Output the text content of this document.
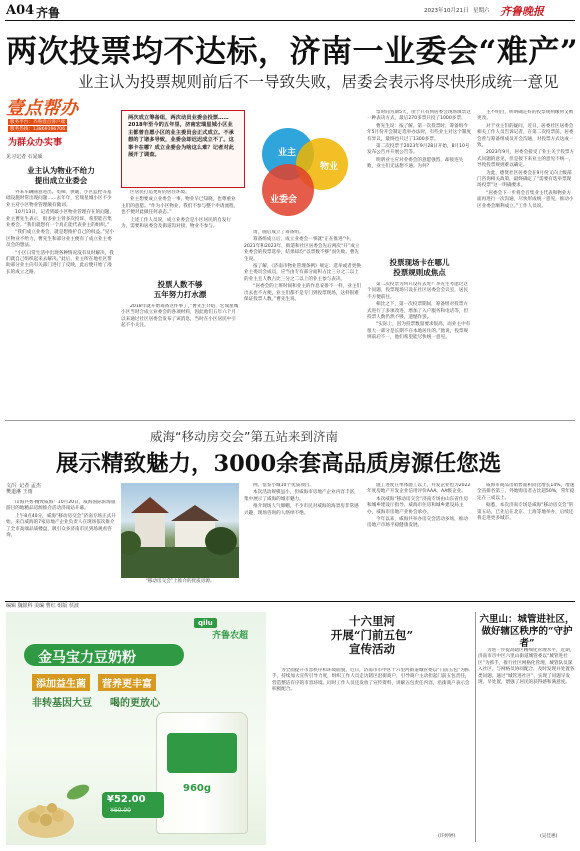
A04 齐鲁	2023年10月21日 星期六 齐鲁晚报
两次投票均不达标，济南一业委会“难产”
业主认为投票规则前后不一导致失败，居委会表示将尽快形成统一意见
壹点帮办
服务平台：齐鲁壹点客户端
服务热线：13869196706
为群众办实事
见习记者 石晁硕
两次成立筹备组，两次动员业委会投票……2018年至今的五年里，济南宏瑞星城小区业主都曾自愿小区的业主委员会正式成立。不承想的了诸多导致，业委会却迟迟成立不了。这事卡在哪？成立业委会为啥这么难？记者对此展开了调查。	业主
物业
业委会
业主认为物业不给力
提出成立业委会

外来车辆随意进出、电梯、供暖、小区监控等基础设施时常出现问题……去年年，宏瑞星城小区不少业主对小区物业管理颇有微词。

10月13日，记者到敲小区物业管理存在的问题，业主曹先生表示，很多业主曾多次投诉、希望能召集业委会。“我们就想有一个真正能代表业主的组织。”

“我们成立业委会，就是想推护自己的权益。”见小区物业不给力，曹先生和部分业主便有了成立业主委员会的想法。

“小区日常生活中出现各种情况没有及时解决，我们就自己组织起来去解决。”此后，业主所在地社区帮助部分业主向有关部门进行了反映，此后便开始了漫长的成立之路。

区居民打造更好的居住环境。

业主想要成立业委会一事，物业早已知晓。也尊重业主们的意愿。“作为小区物业，我们不参与整个申请流程，也不便对此做任何表态。”

上述工作人员说，成立业委会是小区居民的自发行为，需要和居委会及街道沟对接，物业不参与。

投票人数不够
五年努力打水漂

2018年就开始筹备这件事了，”曹先生介绍，宏瑞星城小区当时合成立业委会的各项材料，因此他们五年六个月以来通过社区居委会发布了该消息，当时在小区居民中引起不小关注。

请，随后成立了筹备组。

筹备组成立后，成立业委会一事就“正在推进”中。2021年和2023年，街道和社区居委会先后两次“开”成立业委会的投票选举，结果却均“以票数不够”而失败。曹先生说。

按了解，《济南市物业管理条例》规定：选举或者更换业主委员会成员，应当由专有部分面积占比三分之二以上的业主且人数占比三分之二以上的业主参与表决。

“居委会的上班时间和业主的作息安排不一样，业主们出去也不方便，业主们都不是专门到投票现场，这样很难保证投票人数。”曹先生说。

票时间为期5天，由于只有到居委会现场填票这一种表决方式，最后270多票只投了1000多票。

曹先生说：按了解，第一次投票时，筹备组今年5月份开会制定选举办法时，有些业主对这个制度有异议，最终也只过了1300多票。

第二次投票于2023年9月28日开始，8月10号发布公告并开展公告等。

明明业主应对业委会的意愿强烈，却接连失败，业主们无法想不通。为何？

投票现场卡在哪儿
投票规则成焦点

第二次投票为何只设有去处？李先生考虑过这个问题，投票现场只设在社区居委会会议室，居民不方便前往。

相比之下，第一次投票期间，筹备组对投票方式进行了多项改进，增加了入户服务和电话等，但投票人数仍然不够，遗憾作罢。

“实际上，因为投票数量要求很高，而业主中有很大一部分是长期不在本地居住的。”他说，投票规则前后不一，他们希望能尽快统一意见。

主不明白，明明确定好的投票规则缘何又被更改。

对于业主们的疑问，近日，居委社区居委会相关工作人员告诉记者，在第二次投票前，居委会曾与筹备组成员开会沟通，对投票方式达成一致。

2023年9月，居委会接受了业主关于投票方式问题的意见，但是接下来业主的意见不统一，导致投票规则难以确定。

为此，德贤社区居委会在9月份又向上级部门咨询相关政策，最终确定了“需要有选举票现场投票”这一明确要求。

“居委会下一步将会召集业主代表和物业方面再进行一次沟通，尽快形成统一意见，推动小区业委会顺利成立。”工作人员说。

威海“移动房交会”第五站来到济南
展示精致魅力，3000余套高品质房源任您选
文/片 记者 孟杰
樊道淋 王雨
“移动房交会”上推介的优质房源。

山海共秀·精致威海！10月20日，威海国际滨海旅游目的地精品房源推介活动济南站开幕。

上午8点40分，威海“移动房交会”济南专场正式开始。来自威海的7家房地产企业负责人在现场依次推介了全市高端品质楼盘，吸引众多济南市民到场观看咨询。

例。借鉴小城10个优质项目。

本次活动规模虽小，但威海市房地产企业内容丰富，集中展示了威海的城市魅力。

推介现场人气爆棚，不少市民对威海的海景房非常感兴趣，现场咨询的人络绎不绝。

施工进度在单体施工以上，并发企业也为2022年度房地产开发企业信用评价AAA、AA级企业。

本次威海“移动房交会”济南专场由山东省住房和城乡建设厅指导，威海市住房和城乡建设局主办，威海市房地产业协会承办。

今年以来，威海共举办房交会活动多场，推动房地产市场平稳健康发展。

威海市商品房销售面积同比增长14%，增速全省排名第三，外地购房者占比超50%，常年稳定在三成以上。

据悉，本次济南专场是威海“移动房交会”的第五站，已先后在北京、上海等地举办，后续还将走进更多城市。

编辑 魏银科 美编 曹红 组版 侯波
qilu
齐鲁农超
金马宝力豆奶粉
添加益生菌	营养更丰富
非转基因大豆 喝的更放心
960g
¥52.00
¥60.00
十六里河
开展“门前五包”
宣传活动
为全面提升市容秩序和环境面貌，近日，济南市市中区十六里河街道城管委以“门前五包”为抓手，持续加大宣传引导力度，组织工作人员走访辖区沿街商户，引导商户主动担起门前五包责任，营造整洁有序的市容环境。同时工作人员还发放了宣传资料，讲解五包责任内容，沿街商户表示会积极配合。
(许婷婷)
六里山：城管进社区，
做好辖区秩序的“守护者”
为进一步提高辖区精细化管理水平，近期，济南市市中区六里山街道城管委以“城管进社区”为抓手，推行社区网格化管理，城管队员深入社区，与网格员协同配合，及时发现并处置各类问题。通过“城管进社区”，实现了问题早发现、早处置，增强了居民的获得感和满意度。
(吴佳惠)
